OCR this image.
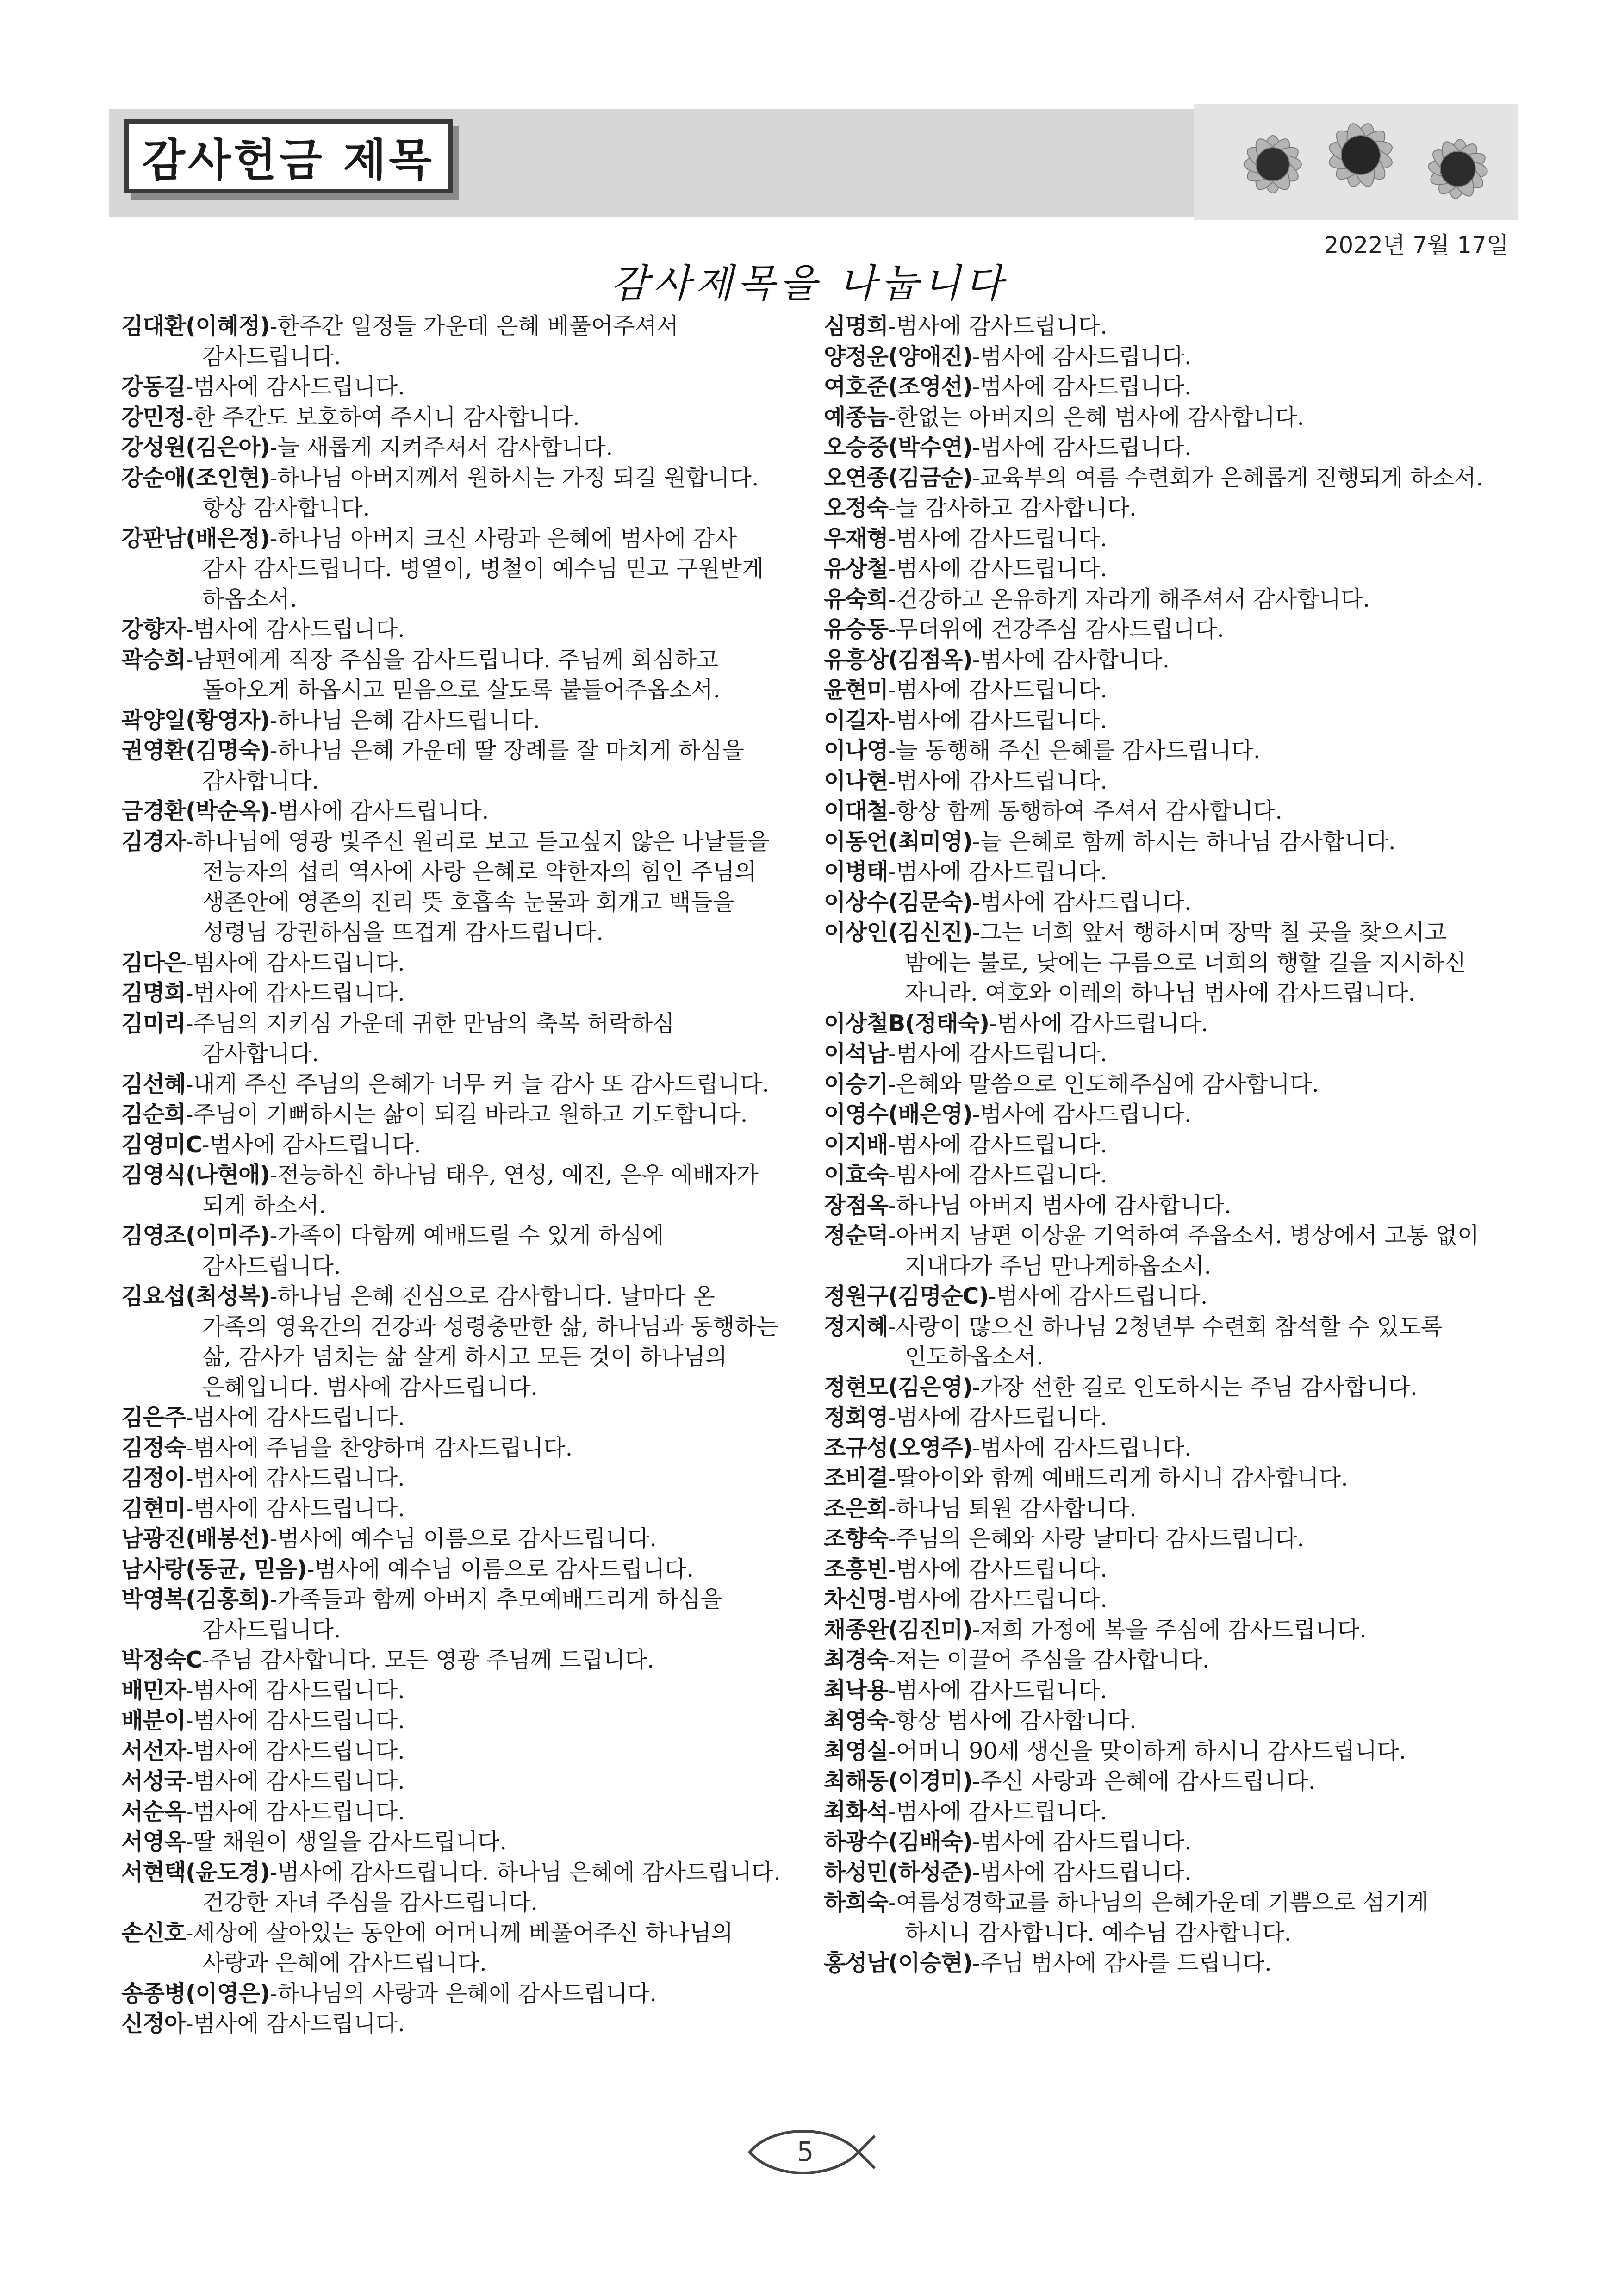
감사헌금 제목
2022년 7월 17일
감사제목을 나눕니다
김대환(이혜정)-한주간 일정들 가운데 은혜 베풀어주셔서 감사드립니다.
강동길-범사에 감사드립니다.
강민정-한 주간도 보호하여 주시니 감사합니다.
강성원(김은아)-늘 새롭게 지켜주셔서 감사합니다.
강순애(조인현)-하나님 아버지께서 원하시는 가정 되길 원합니다. 항상 감사합니다.
강판남(배은정)-하나님 아버지 크신 사랑과 은혜에 범사에 감사 감사 감사드립니다. 병열이, 병철이 예수님 믿고 구원받게 하옵소서.
강향자-범사에 감사드립니다.
곽승희-남편에게 직장 주심을 감사드립니다. 주님께 회심하고 돌아오게 하옵시고 믿음으로 살도록 붙들어주옵소서.
곽양일(황영자)-하나님 은혜 감사드립니다.
권영환(김명숙)-하나님 은혜 가운데 딸 장례를 잘 마치게 하심을 감사합니다.
금경환(박순옥)-범사에 감사드립니다.
김경자-하나님에 영광 빛주신 원리로 보고 듣고싶지 않은 나날들을 전능자의 섭리 역사에 사랑 은혜로 약한자의 힘인 주님의 생존안에 영존의 진리 뜻 호흡속 눈물과 회개고 백들을 성령님 강권하심을 뜨겁게 감사드립니다.
김다은-범사에 감사드립니다.
김명희-범사에 감사드립니다.
김미리-주님의 지키심 가운데 귀한 만남의 축복 허락하심 감사합니다.
김선혜-내게 주신 주님의 은혜가 너무 커 늘 감사 또 감사드립니다.
김순희-주님이 기뻐하시는 삶이 되길 바라고 원하고 기도합니다.
김영미C-범사에 감사드립니다.
김영식(나현애)-전능하신 하나님 태우, 연성, 예진, 은우 예배자가 되게 하소서.
김영조(이미주)-가족이 다함께 예배드릴 수 있게 하심에 감사드립니다.
김요섭(최성복)-하나님 은혜 진심으로 감사합니다. 날마다 온 가족의 영육간의 건강과 성령충만한 삶, 하나님과 동행하는 삶, 감사가 넘치는 삶 살게 하시고 모든 것이 하나님의 은혜입니다. 범사에 감사드립니다.
김은주-범사에 감사드립니다.
김정숙-범사에 주님을 찬양하며 감사드립니다.
김정이-범사에 감사드립니다.
김현미-범사에 감사드립니다.
남광진(배봉선)-범사에 예수님 이름으로 감사드립니다.
남사랑(동균, 믿음)-범사에 예수님 이름으로 감사드립니다.
박영복(김홍희)-가족들과 함께 아버지 추모예배드리게 하심을 감사드립니다.
박정숙C-주님 감사합니다. 모든 영광 주님께 드립니다.
배민자-범사에 감사드립니다.
배분이-범사에 감사드립니다.
서선자-범사에 감사드립니다.
서성국-범사에 감사드립니다.
서순옥-범사에 감사드립니다.
서영옥-딸 채원이 생일을 감사드립니다.
서현택(윤도경)-범사에 감사드립니다. 하나님 은혜에 감사드립니다. 건강한 자녀 주심을 감사드립니다.
손신호-세상에 살아있는 동안에 어머니께 베풀어주신 하나님의 사랑과 은혜에 감사드립니다.
송종병(이영은)-하나님의 사랑과 은혜에 감사드립니다.
신정아-범사에 감사드립니다.
심명희-범사에 감사드립니다.
양정운(양애진)-범사에 감사드립니다.
여호준(조영선)-범사에 감사드립니다.
예종늠-한없는 아버지의 은혜 범사에 감사합니다.
오승중(박수연)-범사에 감사드립니다.
오연종(김금순)-교육부의 여름 수련회가 은혜롭게 진행되게 하소서.
오정숙-늘 감사하고 감사합니다.
우재형-범사에 감사드립니다.
유상철-범사에 감사드립니다.
유숙희-건강하고 온유하게 자라게 해주셔서 감사합니다.
유승동-무더위에 건강주심 감사드립니다.
유흥상(김점옥)-범사에 감사합니다.
윤현미-범사에 감사드립니다.
이길자-범사에 감사드립니다.
이나영-늘 동행해 주신 은혜를 감사드립니다.
이나현-범사에 감사드립니다.
이대철-항상 함께 동행하여 주셔서 감사합니다.
이동언(최미영)-늘 은혜로 함께 하시는 하나님 감사합니다.
이병태-범사에 감사드립니다.
이상수(김문숙)-범사에 감사드립니다.
이상인(김신진)-그는 너희 앞서 행하시며 장막 칠 곳을 찾으시고 밤에는 불로, 낮에는 구름으로 너희의 행할 길을 지시하신 자니라. 여호와 이레의 하나님 범사에 감사드립니다.
이상철B(정태숙)-범사에 감사드립니다.
이석남-범사에 감사드립니다.
이승기-은혜와 말씀으로 인도해주심에 감사합니다.
이영수(배은영)-범사에 감사드립니다.
이지배-범사에 감사드립니다.
이효숙-범사에 감사드립니다.
장점옥-하나님 아버지 범사에 감사합니다.
정순덕-아버지 남편 이상윤 기억하여 주옵소서. 병상에서 고통 없이 지내다가 주님 만나게하옵소서.
정원구(김명순C)-범사에 감사드립니다.
정지혜-사랑이 많으신 하나님 2청년부 수련회 참석할 수 있도록 인도하옵소서.
정현모(김은영)-가장 선한 길로 인도하시는 주님 감사합니다.
정회영-범사에 감사드립니다.
조규성(오영주)-범사에 감사드립니다.
조비결-딸아이와 함께 예배드리게 하시니 감사합니다.
조은희-하나님 퇴원 감사합니다.
조향숙-주님의 은혜와 사랑 날마다 감사드립니다.
조흥빈-범사에 감사드립니다.
차신명-범사에 감사드립니다.
채종완(김진미)-저희 가정에 복을 주심에 감사드립니다.
최경숙-저는 이끌어 주심을 감사합니다.
최낙용-범사에 감사드립니다.
최영숙-항상 범사에 감사합니다.
최영실-어머니 90세 생신을 맞이하게 하시니 감사드립니다.
최해동(이경미)-주신 사랑과 은혜에 감사드립니다.
최화석-범사에 감사드립니다.
하광수(김배숙)-범사에 감사드립니다.
하성민(하성준)-범사에 감사드립니다.
하희숙-여름성경학교를 하나님의 은혜가운데 기쁨으로 섬기게 하시니 감사합니다. 예수님 감사합니다.
홍성남(이승현)-주님 범사에 감사를 드립니다.
5
